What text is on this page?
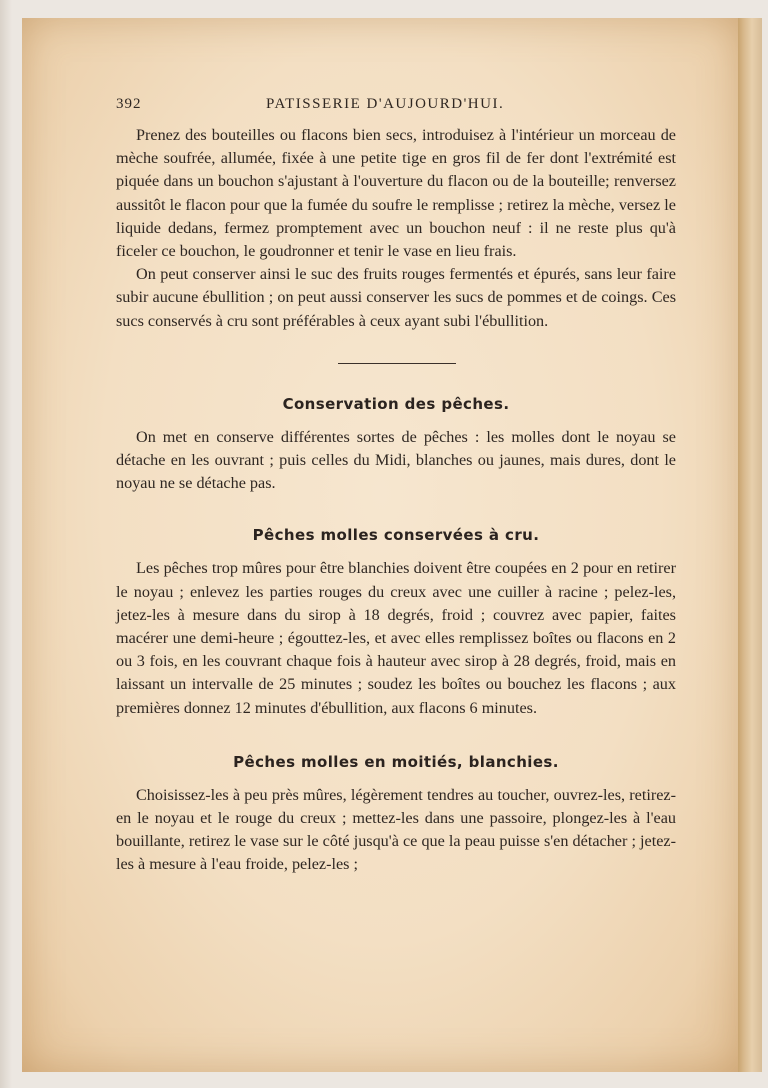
392	PATISSERIE D'AUJOURD'HUI.

Prenez des bouteilles ou flacons bien secs, introduisez à l'intérieur un morceau de mèche soufrée, allumée, fixée à une petite tige en gros fil de fer dont l'extrémité est piquée dans un bouchon s'ajustant à l'ouverture du flacon ou de la bouteille; renversez aussitôt le flacon pour que la fumée du soufre le remplisse ; retirez la mèche, versez le liquide dedans, fermez promptement avec un bouchon neuf : il ne reste plus qu'à ficeler ce bouchon, le goudronner et tenir le vase en lieu frais.

On peut conserver ainsi le suc des fruits rouges fermentés et épurés, sans leur faire subir aucune ébullition ; on peut aussi conserver les sucs de pommes et de coings. Ces sucs conservés à cru sont préférables à ceux ayant subi l'ébullition.

Conservation des pêches.

On met en conserve différentes sortes de pêches : les molles dont le noyau se détache en les ouvrant ; puis celles du Midi, blanches ou jaunes, mais dures, dont le noyau ne se détache pas.

Pêches molles conservées à cru.

Les pêches trop mûres pour être blanchies doivent être coupées en 2 pour en retirer le noyau ; enlevez les parties rouges du creux avec une cuiller à racine ; pelez-les, jetez-les à mesure dans du sirop à 18 degrés, froid ; couvrez avec papier, faites macérer une demi-heure ; égouttez-les, et avec elles remplissez boîtes ou flacons en 2 ou 3 fois, en les couvrant chaque fois à hauteur avec sirop à 28 degrés, froid, mais en laissant un intervalle de 25 minutes ; soudez les boîtes ou bouchez les flacons ; aux premières donnez 12 minutes d'ébullition, aux flacons 6 minutes.

Pêches molles en moitiés, blanchies.

Choisissez-les à peu près mûres, légèrement tendres au toucher, ouvrez-les, retirez-en le noyau et le rouge du creux ; mettez-les dans une passoire, plongez-les à l'eau bouillante, retirez le vase sur le côté jusqu'à ce que la peau puisse s'en détacher ; jetez-les à mesure à l'eau froide, pelez-les ;
